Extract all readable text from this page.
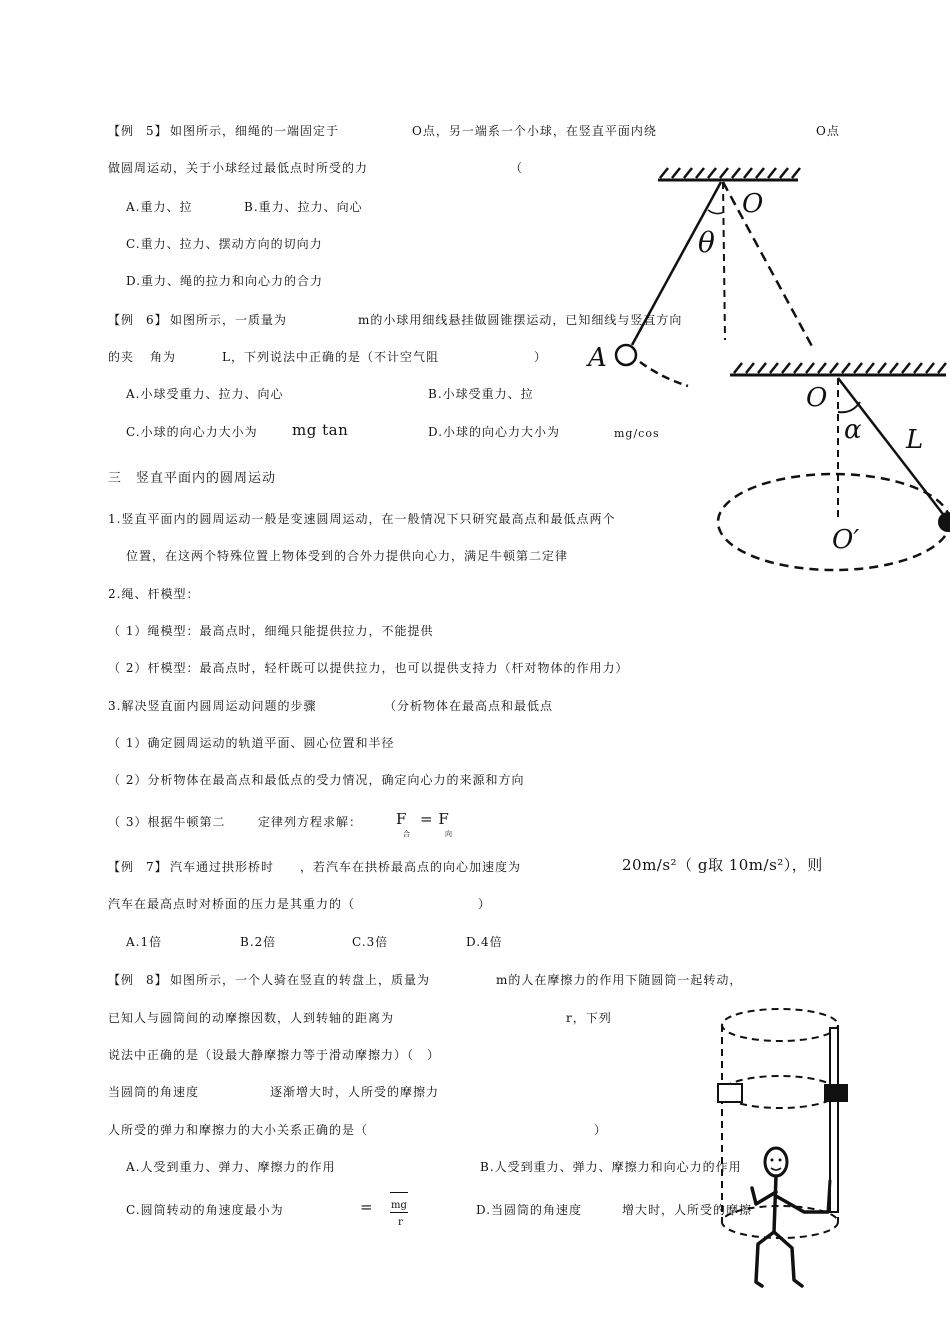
【例 5】 如图所示，细绳的一端固定于	O点，另一端系一个小球，在竖直平面内绕	O点
做圆周运动，关于小球经过最低点时所受的力	（
A.重力、拉	B.重力、拉力、向心
C.重力、拉力、摆动方向的切向力
D.重力、绳的拉力和向心力的合力
【例 6】 如图所示，一质量为	m的小球用细线悬挂做圆锥摆运动，已知细线与竖直方向
的夹 角为	L，下列说法中正确的是（不计空气阻	）
A.小球受重力、拉力、向心	B.小球受重力、拉
C.小球的向心力大小为 mg tan	D.小球的向心力大小为	mg/cos
三　竖直平面内的圆周运动
1.竖直平面内的圆周运动一般是变速圆周运动，在一般情况下只研究最高点和最低点两个
位置，在这两个特殊位置上物体受到的合外力提供向心力，满足牛顿第二定律
2.绳、杆模型：
（ 1）绳模型：最高点时，细绳只能提供拉力，不能提供
（ 2）杆模型：最高点时，轻杆既可以提供拉力，也可以提供支持力（杆对物体的作用力）
3.解决竖直面内圆周运动问题的步骤	（分析物体在最高点和最低点
（ 1）确定圆周运动的轨道平面、圆心位置和半径
（ 2）分析物体在最高点和最低点的受力情况，确定向心力的来源和方向
（ 3）根据牛顿第二	定律列方程求解： F = F
合	向
【例 7】 汽车通过拱形桥时 ，若汽车在拱桥最高点的向心加速度为	20m/s²（ g取 10m/s²），则
汽车在最高点时对桥面的压力是其重力的（	）
A.1倍	B.2倍	C.3倍	D.4倍
【例 8】 如图所示，一个人骑在竖直的转盘上，质量为	m的人在摩擦力的作用下随圆筒一起转动，
已知人与圆筒间的动摩擦因数，人到转轴的距离为	r，下列
说法中正确的是（设最大静摩擦力等于滑动摩擦力）（　）
当圆筒的角速度	逐渐增大时，人所受的摩擦力
人所受的弹力和摩擦力的大小关系正确的是（	）
A.人受到重力、弹力、摩擦力的作用	B.人受到重力、弹力、摩擦力和向心力的作用
C.圆筒转动的角速度最小为	= mg
r
D.当圆筒的角速度	增大时，人所受的摩擦
O
θ
A
O
α L
O′
